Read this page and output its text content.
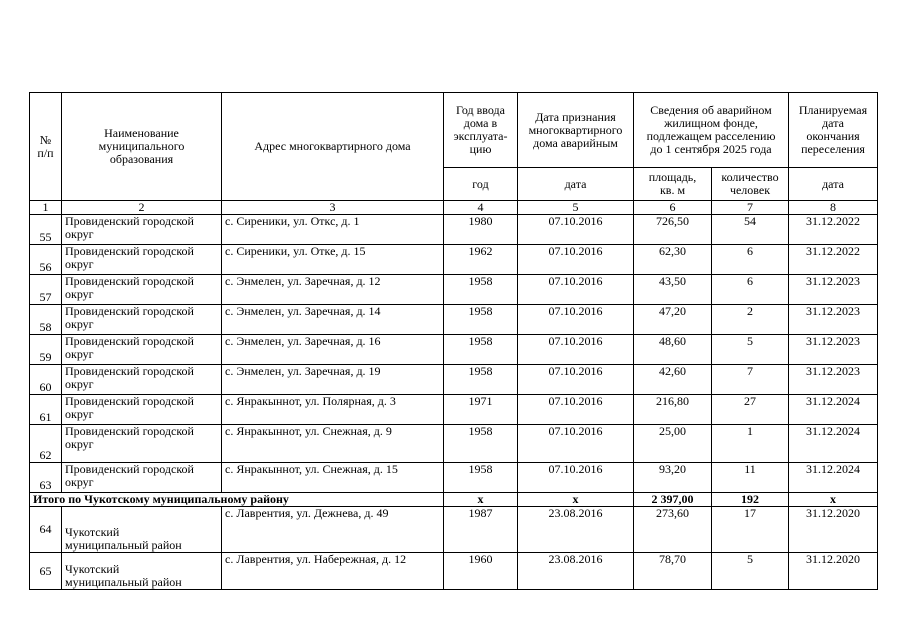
№
п/п	Наименование
муниципального
образования	Адрес многоквартирного дома	Год ввода
дома в
эксплуата-
цию	Дата признания
многоквартирного
дома аварийным	Сведения об аварийном
жилищном фонде,
подлежащем расселению
до 1 сентября 2025 года		Планируемая
дата
окончания
переселения
			год	дата	площадь,
кв. м	количество
человек	дата
1	2	3	4	5	6	7	8
55	Провиденский городской округ	с. Сиреники, ул. Откс, д. 1	1980	07.10.2016	726,50	54	31.12.2022
56	Провиденский городской округ	с. Сиреники, ул. Отке, д. 15	1962	07.10.2016	62,30	6	31.12.2022
57	Провиденский городской округ	с. Энмелен, ул. Заречная, д. 12	1958	07.10.2016	43,50	6	31.12.2023
58	Провиденский городской округ	с. Энмелен, ул. Заречная, д. 14	1958	07.10.2016	47,20	2	31.12.2023
59	Провиденский городской округ	с. Энмелен, ул. Заречная, д. 16	1958	07.10.2016	48,60	5	31.12.2023
60	Провиденский городской округ	с. Энмелен, ул. Заречная, д. 19	1958	07.10.2016	42,60	7	31.12.2023
61	Провиденский городской округ	с. Янракыннот, ул. Полярная, д. 3	1971	07.10.2016	216,80	27	31.12.2024
62	Провиденский городской округ	с. Янракыннот, ул. Снежная, д. 9	1958	07.10.2016	25,00	1	31.12.2024
63	Провиденский городской округ	с. Янракыннот, ул. Снежная, д. 15	1958	07.10.2016	93,20	11	31.12.2024
Итого по Чукотскому муниципальному району			х	х	2 397,00	192	х
64	Чукотский
муниципальный район	с. Лаврентия, ул. Дежнева, д. 49	1987	23.08.2016	273,60	17	31.12.2020
65	Чукотский
муниципальный район	с. Лаврентия, ул. Набережная, д. 12	1960	23.08.2016	78,70	5	31.12.2020
